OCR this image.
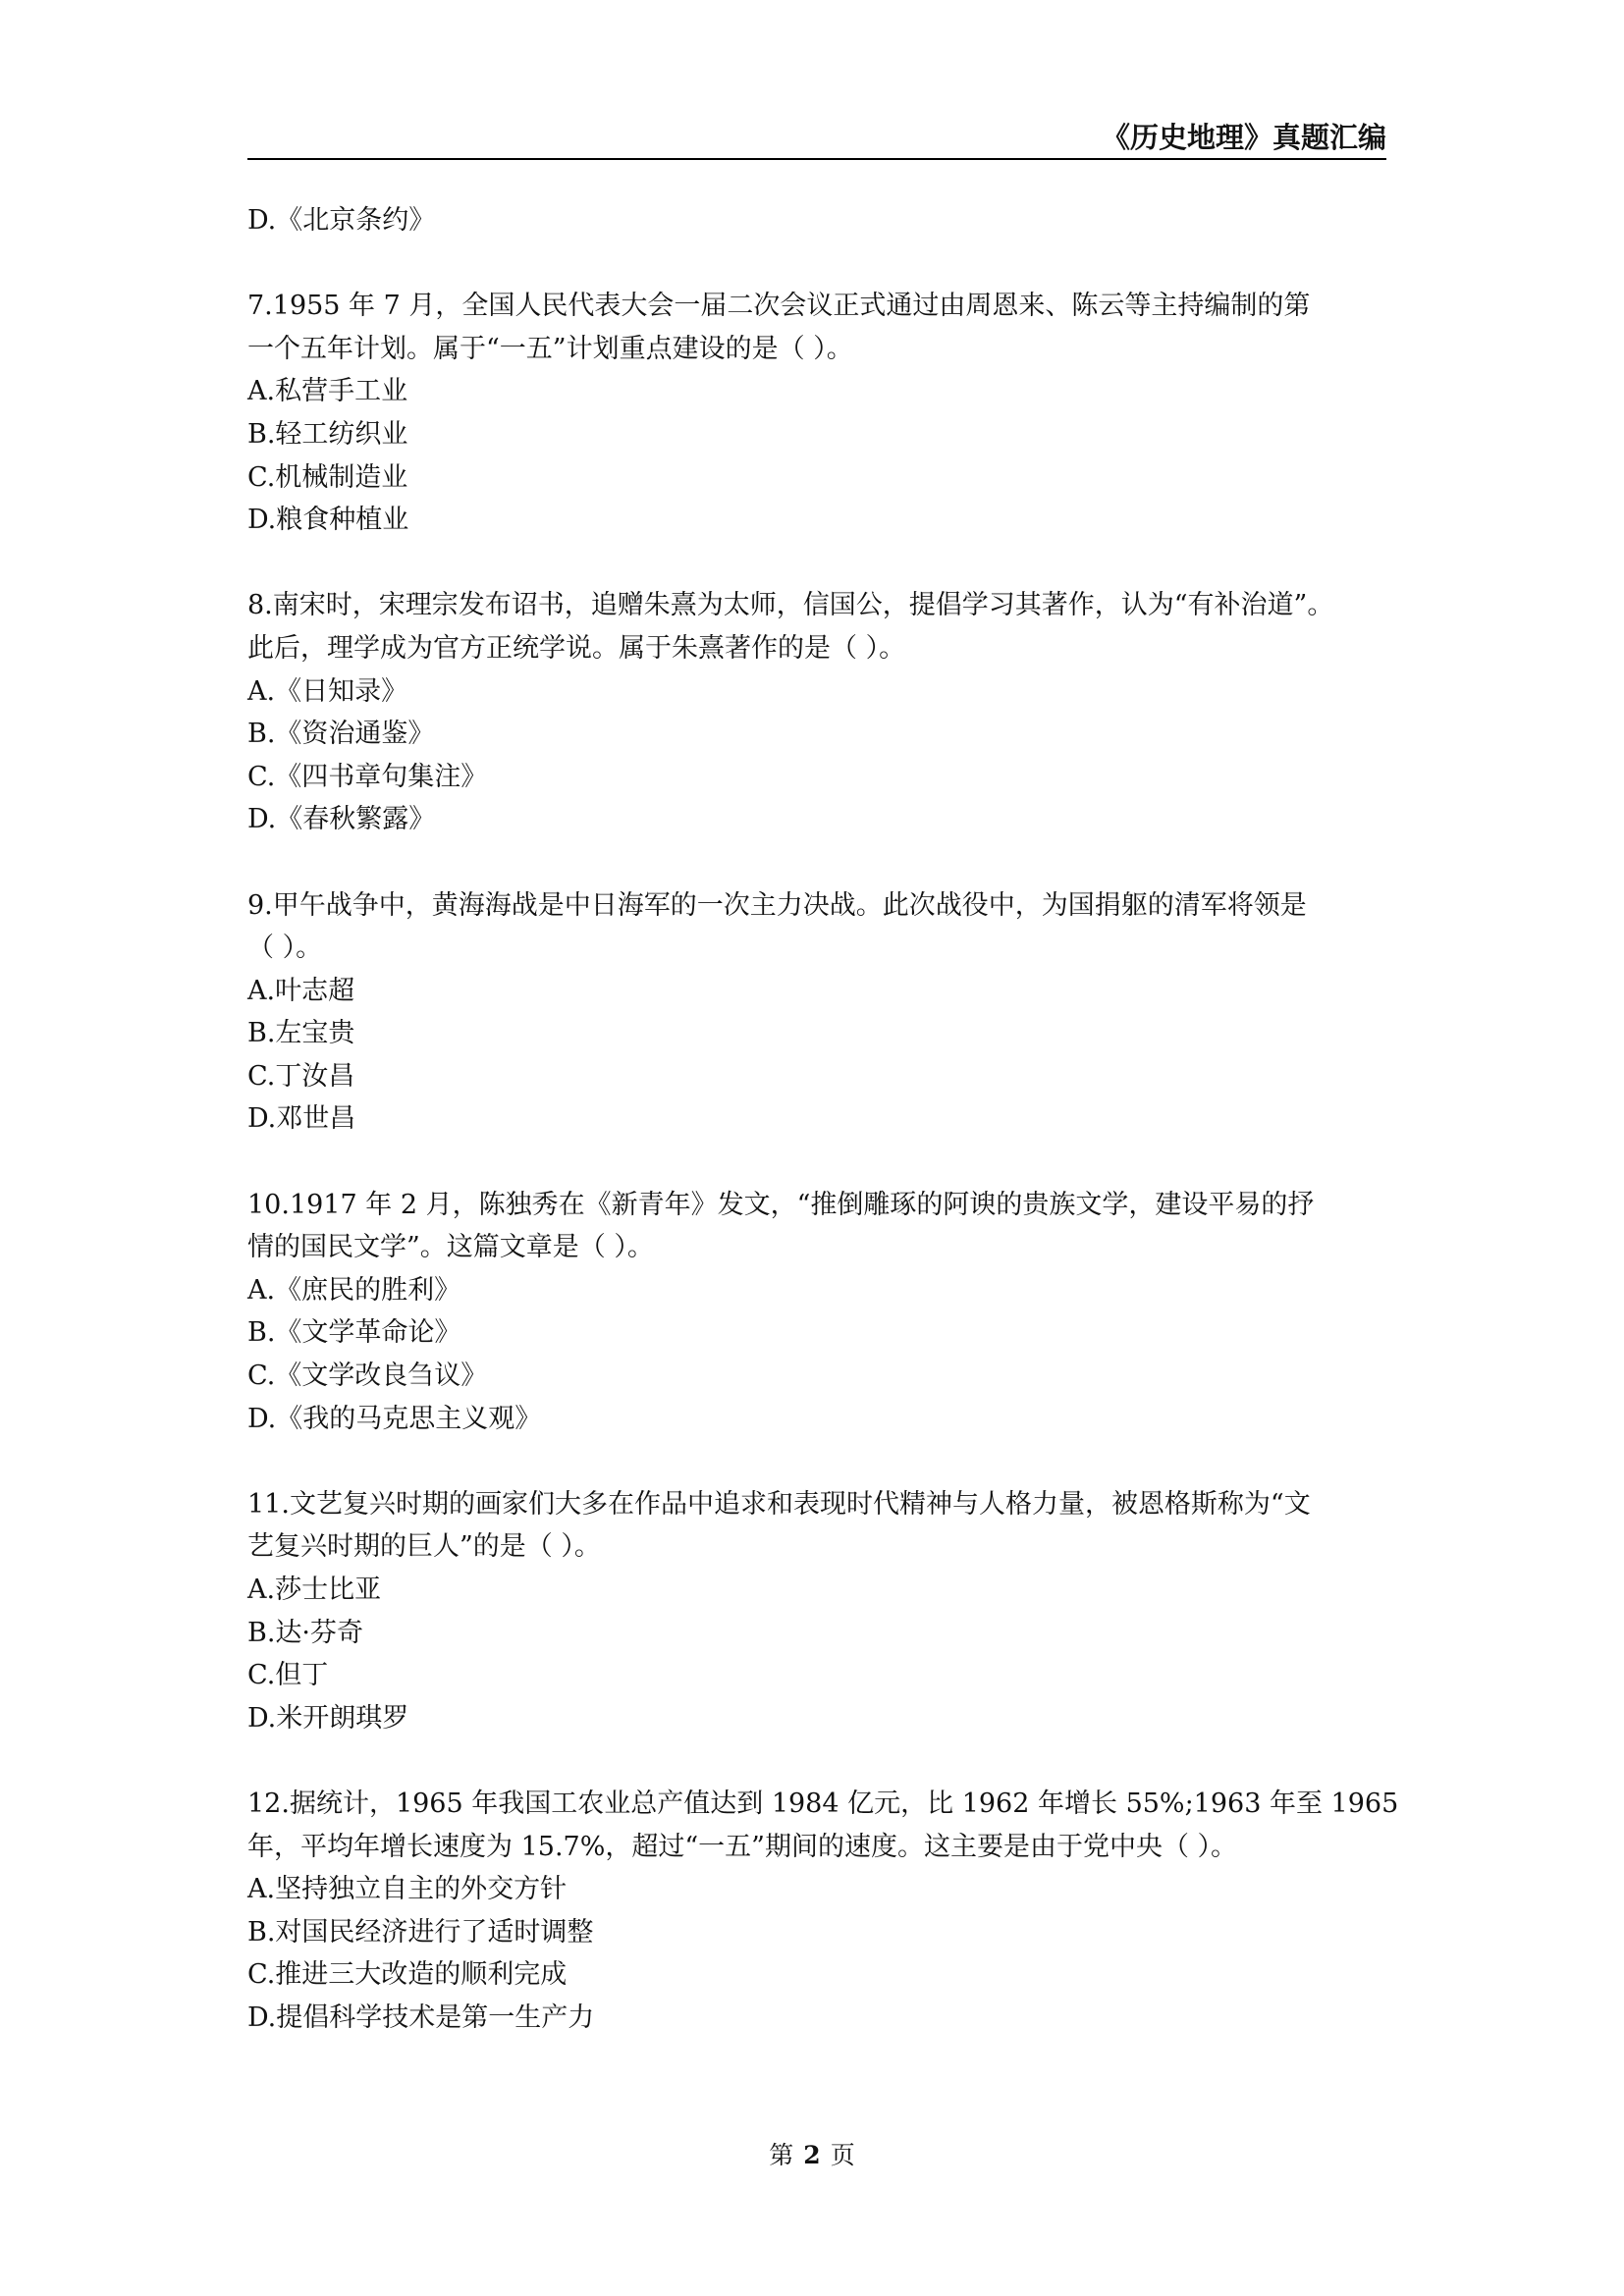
《历史地理》真题汇编

D.《北京条约》

7.1955 年 7 月，全国人民代表大会一届二次会议正式通过由周恩来、陈云等主持编制的第

一个五年计划。属于“一五”计划重点建设的是（ ）。

A.私营手工业

B.轻工纺织业

C.机械制造业

D.粮食种植业

8.南宋时，宋理宗发布诏书，追赠朱熹为太师，信国公，提倡学习其著作，认为“有补治道”。

此后，理学成为官方正统学说。属于朱熹著作的是（ ）。

A.《日知录》

B.《资治通鉴》

C.《四书章句集注》

D.《春秋繁露》

9.甲午战争中，黄海海战是中日海军的一次主力决战。此次战役中，为国捐躯的清军将领是

（ ）。

A.叶志超

B.左宝贵

C.丁汝昌

D.邓世昌

10.1917 年 2 月，陈独秀在《新青年》发文，“推倒雕琢的阿谀的贵族文学，建设平易的抒

情的国民文学”。这篇文章是（ ）。

A.《庶民的胜利》

B.《文学革命论》

C.《文学改良刍议》

D.《我的马克思主义观》

11.文艺复兴时期的画家们大多在作品中追求和表现时代精神与人格力量，被恩格斯称为“文

艺复兴时期的巨人”的是（ ）。

A.莎士比亚

B.达·芬奇

C.但丁

D.米开朗琪罗

12.据统计，1965 年我国工农业总产值达到 1984 亿元，比 1962 年增长 55%;1963 年至 1965

年，平均年增长速度为 15.7%，超过“一五”期间的速度。这主要是由于党中央（ ）。

A.坚持独立自主的外交方针

B.对国民经济进行了适时调整

C.推进三大改造的顺利完成

D.提倡科学技术是第一生产力

第 2 页
